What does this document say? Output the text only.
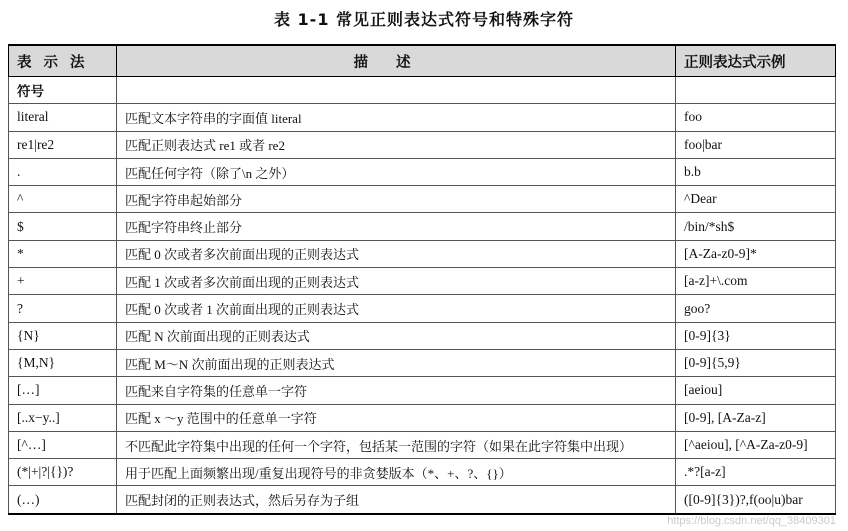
表 1-1 常见正则表达式符号和特殊字符
表示法	描述	正则表达式示例
符号		
literal	匹配文本字符串的字面值 literal	foo
re1|re2	匹配正则表达式 re1 或者 re2	foo|bar
.	匹配任何字符（除了\n 之外）	b.b
^	匹配字符串起始部分	^Dear
$	匹配字符串终止部分	/bin/*sh$
*	匹配 0 次或者多次前面出现的正则表达式	[A-Za-z0-9]*
+	匹配 1 次或者多次前面出现的正则表达式	[a-z]+\.com
?	匹配 0 次或者 1 次前面出现的正则表达式	goo?
{N}	匹配 N 次前面出现的正则表达式	[0-9]{3}
{M,N}	匹配 M～N 次前面出现的正则表达式	[0-9]{5,9}
[…]	匹配来自字符集的任意单一字符	[aeiou]
[..x−y..]	匹配 x ～y 范围中的任意单一字符	[0-9], [A-Za-z]
[^…]	不匹配此字符集中出现的任何一个字符，包括某一范围的字符（如果在此字符集中出现）	[^aeiou], [^A-Za-z0-9]
(*|+|?|{})?	用于匹配上面频繁出现/重复出现符号的非贪婪版本（*、+、?、{}）	.*?[a-z]
(…)	匹配封闭的正则表达式，然后另存为子组	([0-9]{3})?,f(oo|u)bar
https://blog.csdn.net/qq_38409301
